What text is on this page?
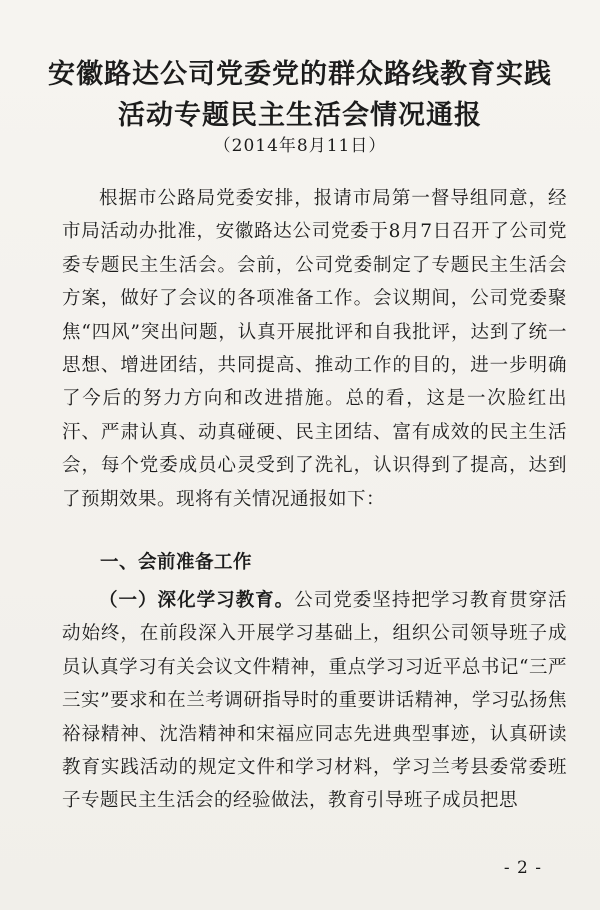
安徽路达公司党委党的群众路线教育实践
活动专题民主生活会情况通报
（2014年8月11日）
根据市公路局党委安排，报请市局第一督导组同意，经市局活动办批准，安徽路达公司党委于8月7日召开了公司党委专题民主生活会。会前，公司党委制定了专题民主生活会方案，做好了会议的各项准备工作。会议期间，公司党委聚焦“四风”突出问题，认真开展批评和自我批评，达到了统一思想、增进团结，共同提高、推动工作的目的，进一步明确了今后的努力方向和改进措施。总的看，这是一次脸红出汗、严肃认真、动真碰硬、民主团结、富有成效的民主生活会，每个党委成员心灵受到了洗礼，认识得到了提高，达到了预期效果。现将有关情况通报如下：
一、会前准备工作
（一）深化学习教育。公司党委坚持把学习教育贯穿活动始终，在前段深入开展学习基础上，组织公司领导班子成员认真学习有关会议文件精神，重点学习习近平总书记“三严三实”要求和在兰考调研指导时的重要讲话精神，学习弘扬焦裕禄精神、沈浩精神和宋福应同志先进典型事迹，认真研读教育实践活动的规定文件和学习材料，学习兰考县委常委班子专题民主生活会的经验做法，教育引导班子成员把思
- 2 -
